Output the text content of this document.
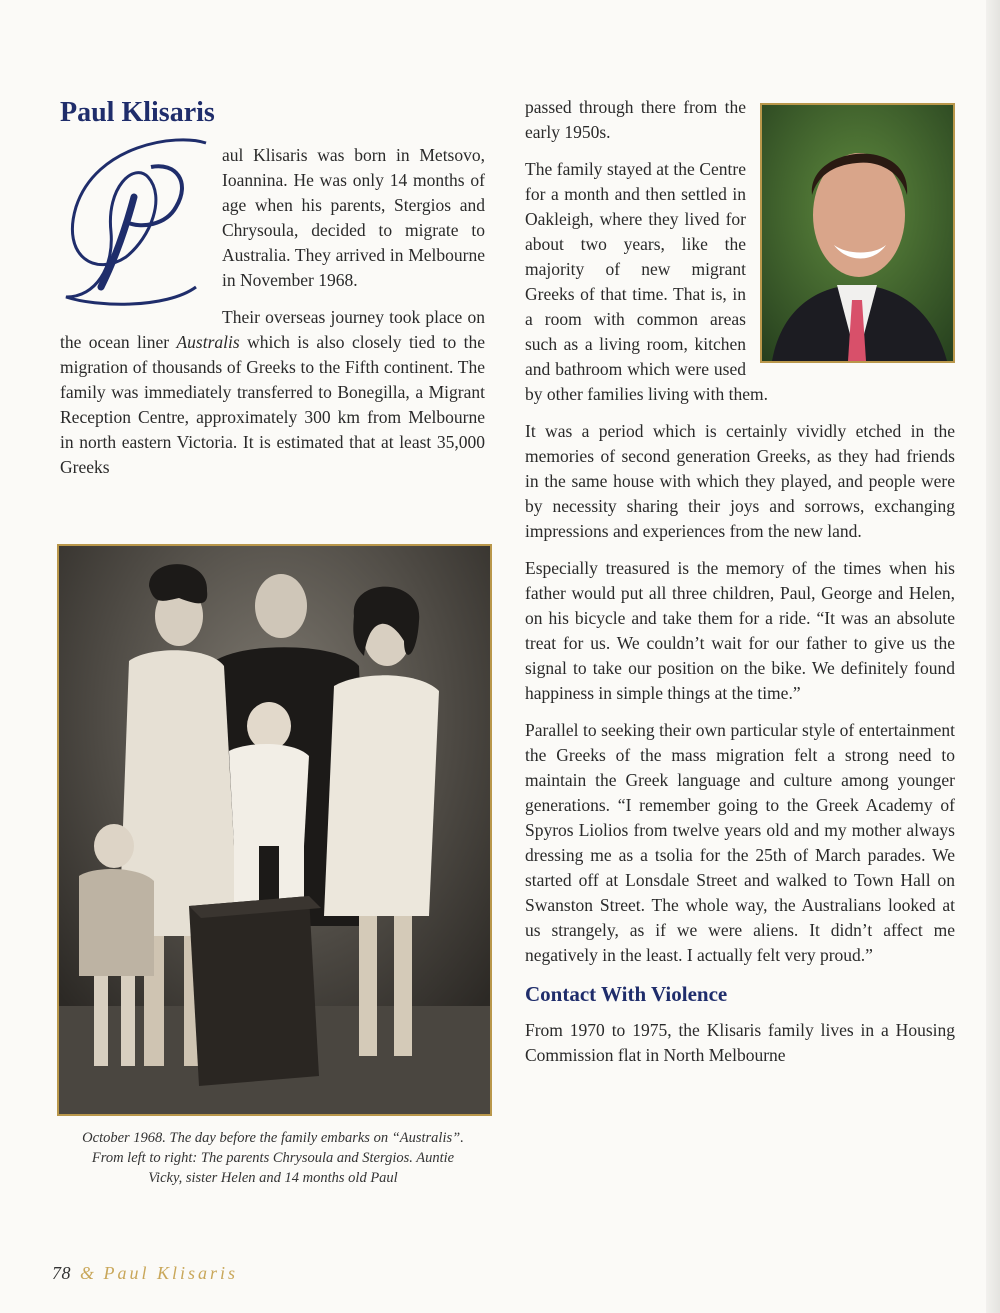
Paul Klisaris

aul Klisaris was born in Metsovo, Ioannina. He was only 14 months of age when his parents, Stergios and Chrysoula, decided to migrate to Australia. They arrived in Melbourne in November 1968.

Their overseas journey took place on the ocean liner Australis which is also closely tied to the migration of thousands of Greeks to the Fifth continent. The family was immediately transferred to Bonegilla, a Migrant Reception Centre, approximately 300 km from Melbourne in north eastern Victoria. It is estimated that at least 35,000 Greeks

October 1968. The day before the family embarks on “Australis”.
From left to right: The parents Chrysoula and Stergios. Auntie
Vicky, sister Helen and 14 months old Paul

passed through there from the early 1950s.

The family stayed at the Centre for a month and then settled in Oakleigh, where they lived for about two years, like the majority of new migrant Greeks of that time. That is, in a room with common areas such as a living room, kitchen and bathroom which were used by other families living with them.

It was a period which is certainly vividly etched in the memories of second generation Greeks, as they had friends in the same house with which they played, and people were by necessity sharing their joys and sorrows, exchanging impressions and experiences from the new land.

Especially treasured is the memory of the times when his father would put all three children, Paul, George and Helen, on his bicycle and take them for a ride. “It was an absolute treat for us. We couldn’t wait for our father to give us the signal to take our position on the bike. We definitely found happiness in simple things at the time.”

Parallel to seeking their own particular style of entertainment the Greeks of the mass migration felt a strong need to maintain the Greek language and culture among younger generations. “I remember going to the Greek Academy of Spyros Liolios from twelve years old and my mother always dressing me as a tsolia for the 25th of March parades. We started off at Lonsdale Street and walked to Town Hall on Swanston Street. The whole way, the Australians looked at us strangely, as if we were aliens. It didn’t affect me negatively in the least. I actually felt very proud.”

Contact With Violence

From 1970 to 1975, the Klisaris family lives in a Housing Commission flat in North Melbourne

78 & Paul Klisaris
